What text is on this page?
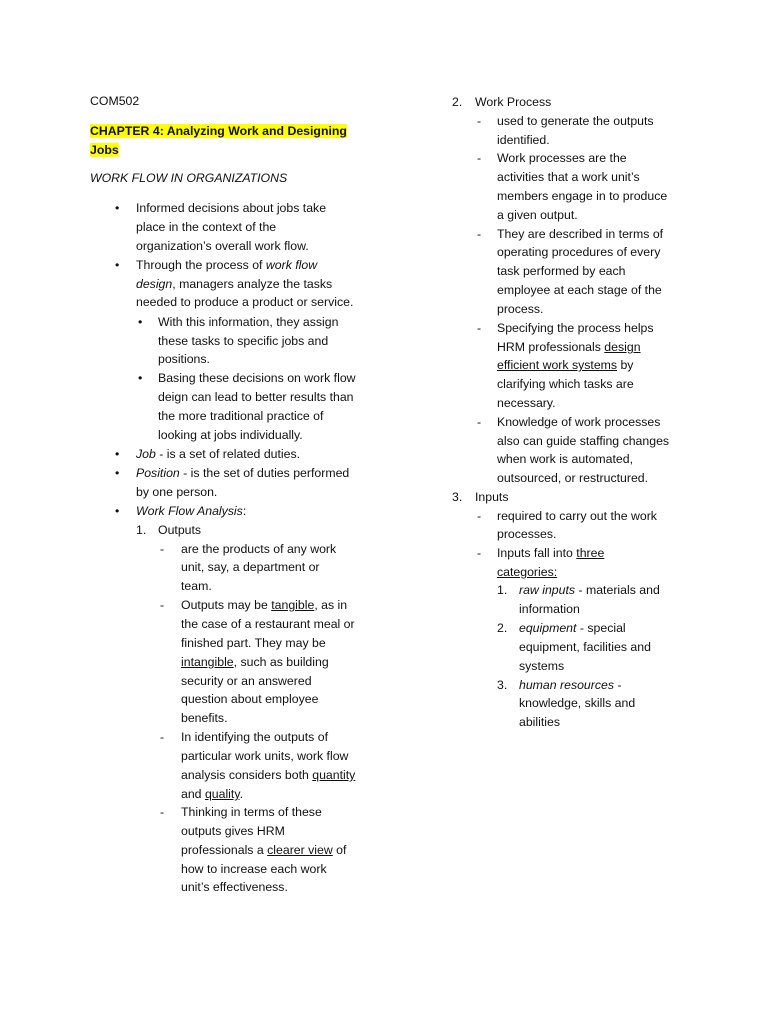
COM502
CHAPTER 4: Analyzing Work and Designing
Jobs
WORK FLOW IN ORGANIZATIONS
• Informed decisions about jobs take
place in the context of the
organization’s overall work flow.
• Through the process of work flow
design, managers analyze the tasks
needed to produce a product or service.
• With this information, they assign
these tasks to specific jobs and
positions.
• Basing these decisions on work flow
deign can lead to better results than
the more traditional practice of
looking at jobs individually.
• Job - is a set of related duties.
• Position - is the set of duties performed
by one person.
• Work Flow Analysis:
1. Outputs
- are the products of any work
unit, say, a department or
team.
- Outputs may be tangible, as in
the case of a restaurant meal or
finished part. They may be
intangible, such as building
security or an answered
question about employee
benefits.
- In identifying the outputs of
particular work units, work flow
analysis considers both quantity
and quality.
- Thinking in terms of these
outputs gives HRM
professionals a clearer view of
how to increase each work
unit’s effectiveness.
2. Work Process
- used to generate the outputs
identified.
- Work processes are the
activities that a work unit’s
members engage in to produce
a given output.
- They are described in terms of
operating procedures of every
task performed by each
employee at each stage of the
process.
- Specifying the process helps
HRM professionals design
efficient work systems by
clarifying which tasks are
necessary.
- Knowledge of work processes
also can guide staffing changes
when work is automated,
outsourced, or restructured.
3. Inputs
- required to carry out the work
processes.
- Inputs fall into three
categories:
1. raw inputs - materials and
information
2. equipment - special
equipment, facilities and
systems
3. human resources -
knowledge, skills and
abilities
